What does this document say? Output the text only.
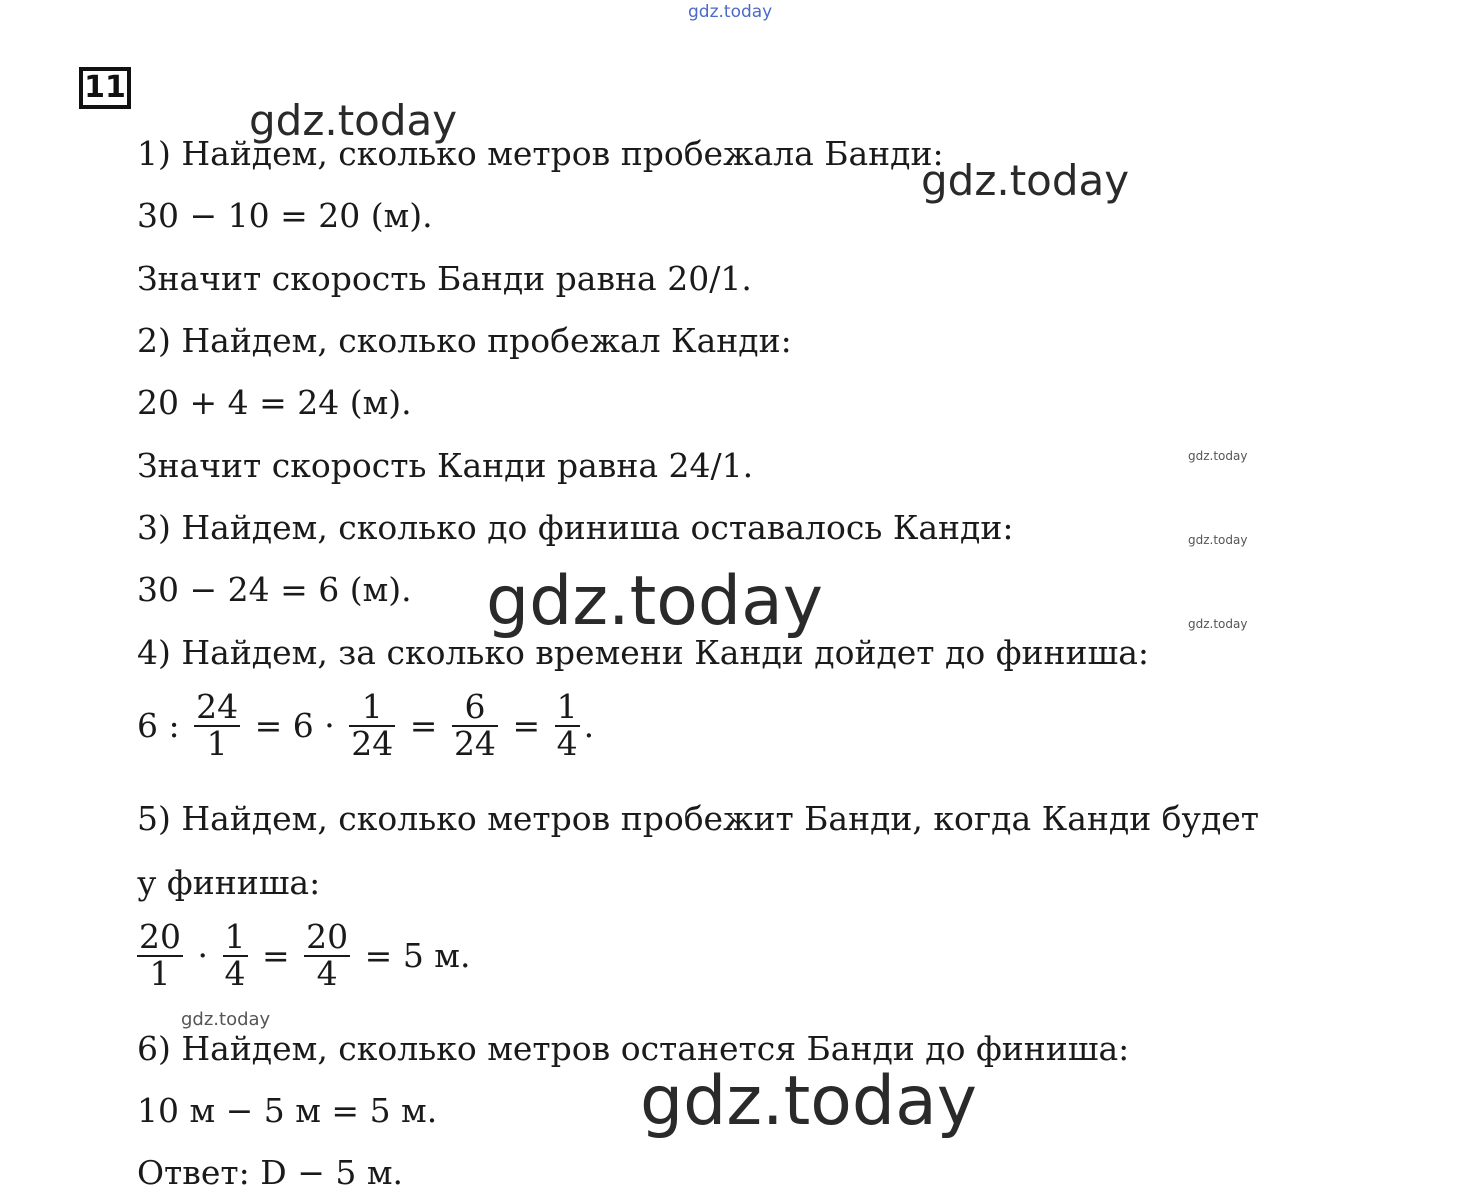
gdz.today

gdz.today

gdz.today

gdz.today

gdz.today

gdz.today

gdz.today

gdz.today

gdz.today

11

1) Найдем, сколько метров пробежала Банди:

30 − 10 = 20 (м).

Значит скорость Банди равна 20/1.

2) Найдем, сколько пробежал Канди:

20 + 4 = 24 (м).

Значит скорость Канди равна 24/1.

3) Найдем, сколько до финиша оставалось Канди:

30 − 24 = 6 (м).

4) Найдем, за сколько времени Канди дойдет до финиша:

6 : $\frac{24}{1} = 6 \cdot \frac{1}{24} = \frac{6}{24} = \frac{1}{4}$ .

5) Найдем, сколько метров пробежит Банди, когда Канди будет

у финиша:

$\frac{20}{1} \cdot \frac{1}{4} = \frac{20}{4} = 5$ м.

6) Найдем, сколько метров останется Банди до финиша:

10 м − 5 м = 5 м.

Ответ: D − 5 м.
